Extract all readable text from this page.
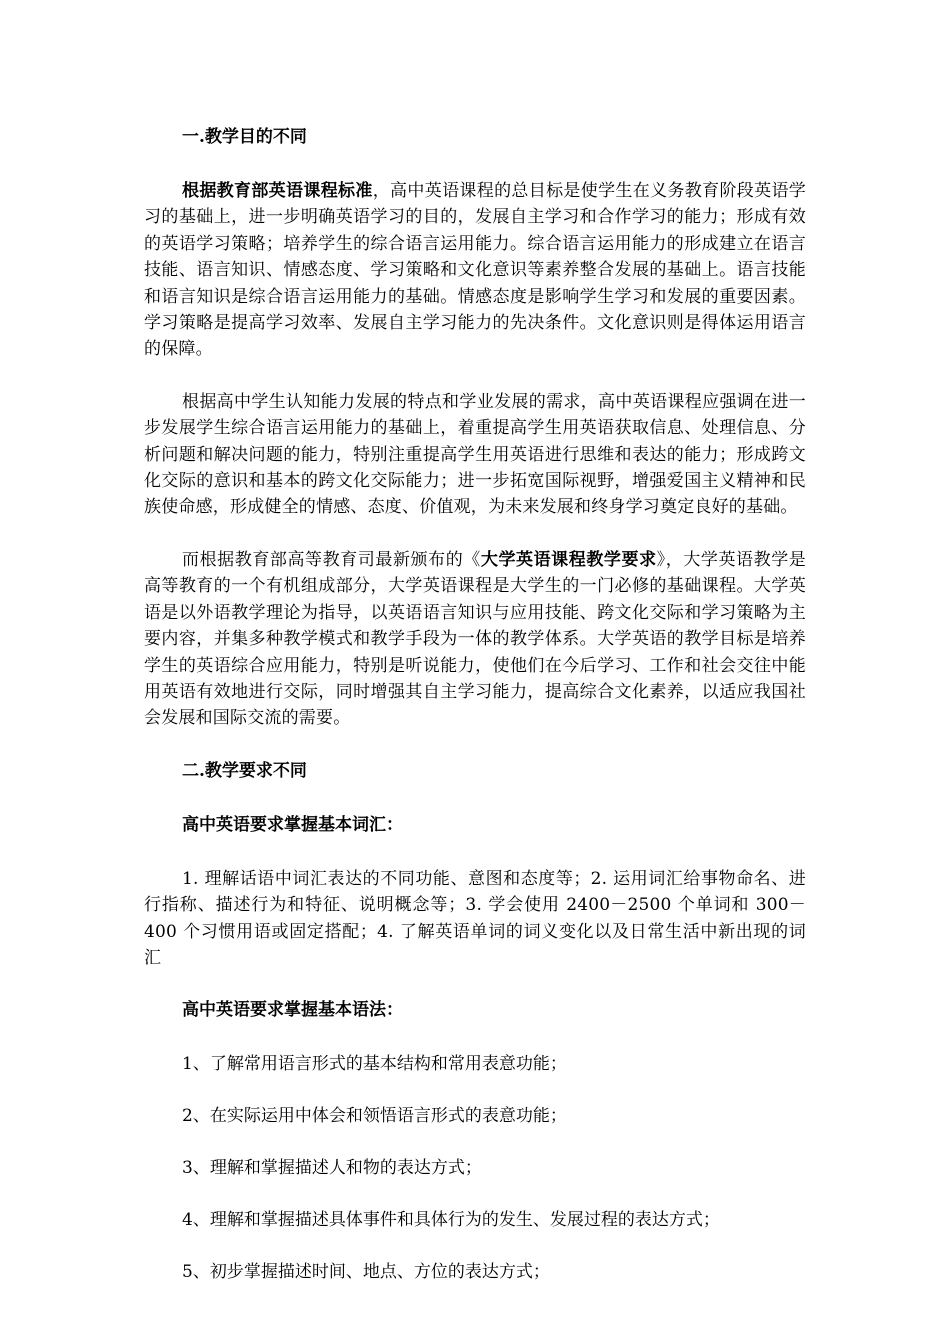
一.教学目的不同

根据教育部英语课程标准，高中英语课程的总目标是使学生在义务教育阶段英语学习的基础上，进一步明确英语学习的目的，发展自主学习和合作学习的能力；形成有效的英语学习策略；培养学生的综合语言运用能力。综合语言运用能力的形成建立在语言技能、语言知识、情感态度、学习策略和文化意识等素养整合发展的基础上。语言技能和语言知识是综合语言运用能力的基础。情感态度是影响学生学习和发展的重要因素。学习策略是提高学习效率、发展自主学习能力的先决条件。文化意识则是得体运用语言的保障。

根据高中学生认知能力发展的特点和学业发展的需求，高中英语课程应强调在进一步发展学生综合语言运用能力的基础上，着重提高学生用英语获取信息、处理信息、分析问题和解决问题的能力，特别注重提高学生用英语进行思维和表达的能力；形成跨文化交际的意识和基本的跨文化交际能力；进一步拓宽国际视野，增强爱国主义精神和民族使命感，形成健全的情感、态度、价值观，为未来发展和终身学习奠定良好的基础。

而根据教育部高等教育司最新颁布的《大学英语课程教学要求》，大学英语教学是高等教育的一个有机组成部分，大学英语课程是大学生的一门必修的基础课程。大学英语是以外语教学理论为指导，以英语语言知识与应用技能、跨文化交际和学习策略为主要内容，并集多种教学模式和教学手段为一体的教学体系。大学英语的教学目标是培养学生的英语综合应用能力，特别是听说能力，使他们在今后学习、工作和社会交往中能用英语有效地进行交际，同时增强其自主学习能力，提高综合文化素养，以适应我国社会发展和国际交流的需要。

二.教学要求不同
高中英语要求掌握基本词汇：

1. 理解话语中词汇表达的不同功能、意图和态度等；2. 运用词汇给事物命名、进行指称、描述行为和特征、说明概念等；3. 学会使用 2400－2500 个单词和 300－400 个习惯用语或固定搭配；4. 了解英语单词的词义变化以及日常生活中新出现的词汇

高中英语要求掌握基本语法：
1、了解常用语言形式的基本结构和常用表意功能；
2、在实际运用中体会和领悟语言形式的表意功能；
3、理解和掌握描述人和物的表达方式；
4、理解和掌握描述具体事件和具体行为的发生、发展过程的表达方式；
5、初步掌握描述时间、地点、方位的表达方式；
